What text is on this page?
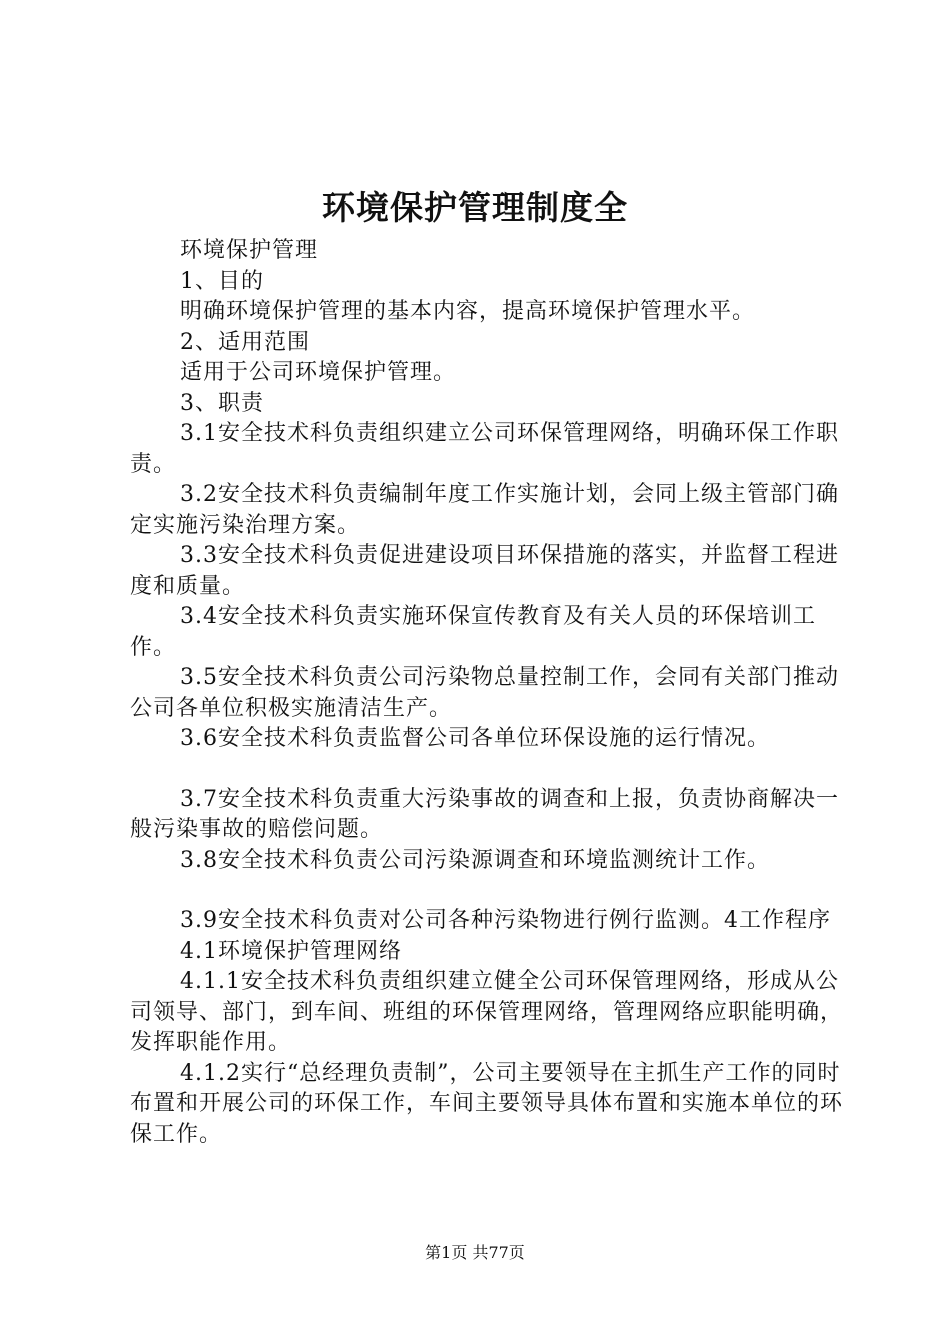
环境保护管理制度全

环境保护管理

1、目的

明确环境保护管理的基本内容，提高环境保护管理水平。

2、适用范围

适用于公司环境保护管理。

3、职责

3.1安全技术科负责组织建立公司环保管理网络，明确环保工作职责。

3.2安全技术科负责编制年度工作实施计划，会同上级主管部门确定实施污染治理方案。

3.3安全技术科负责促进建设项目环保措施的落实，并监督工程进度和质量。

3.4安全技术科负责实施环保宣传教育及有关人员的环保培训工作。

3.5安全技术科负责公司污染物总量控制工作，会同有关部门推动公司各单位积极实施清洁生产。

3.6安全技术科负责监督公司各单位环保设施的运行情况。

3.7安全技术科负责重大污染事故的调查和上报，负责协商解决一般污染事故的赔偿问题。

3.8安全技术科负责公司污染源调查和环境监测统计工作。

3.9安全技术科负责对公司各种污染物进行例行监测。4工作程序

4.1环境保护管理网络

4.1.1安全技术科负责组织建立健全公司环保管理网络，形成从公司领导、部门，到车间、班组的环保管理网络，管理网络应职能明确，发挥职能作用。

4.1.2实行“总经理负责制”，公司主要领导在主抓生产工作的同时布置和开展公司的环保工作，车间主要领导具体布置和实施本单位的环保工作。

第1页 共77页
